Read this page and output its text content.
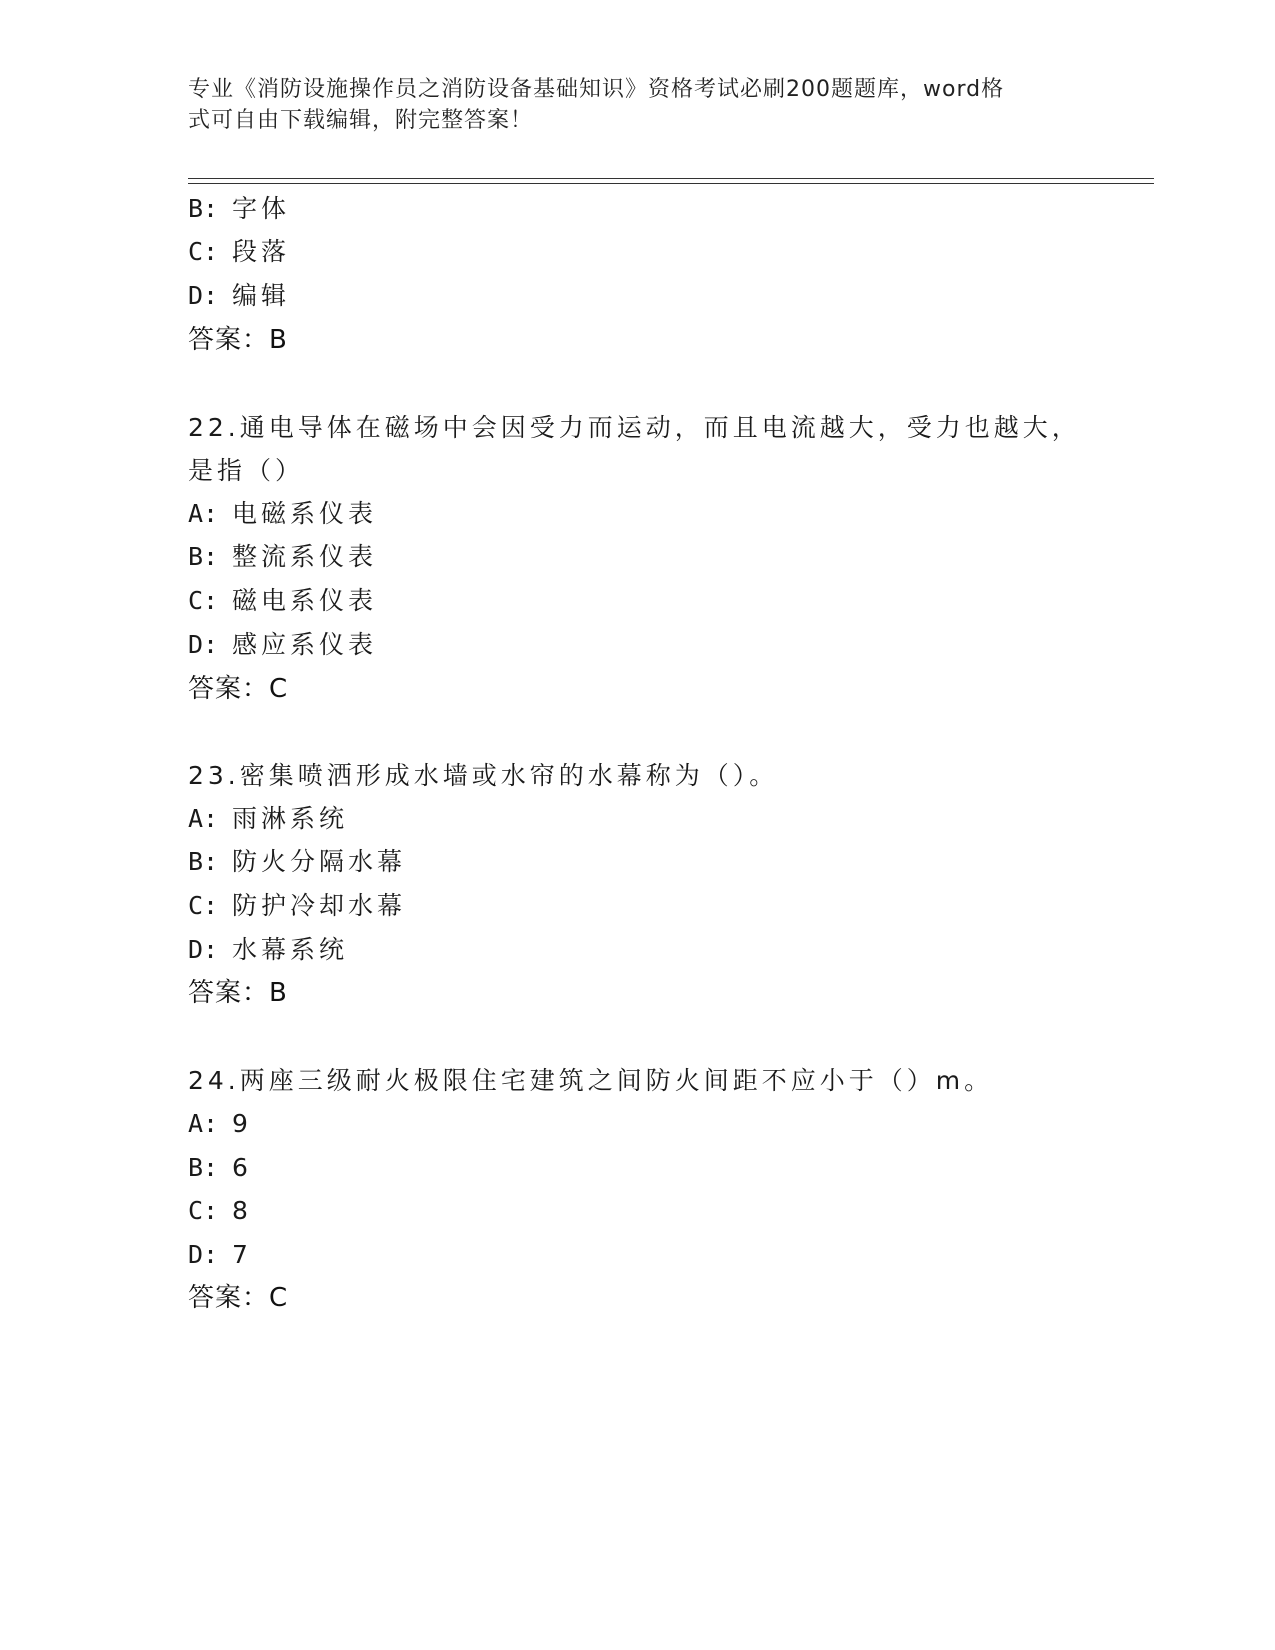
专业《消防设施操作员之消防设备基础知识》资格考试必刷200题题库，word格
式可自由下载编辑，附完整答案！
B: 字体
C: 段落
D: 编辑
答案：B
22.通电导体在磁场中会因受力而运动，而且电流越大，受力也越大，
是指（）
A: 电磁系仪表
B: 整流系仪表
C: 磁电系仪表
D: 感应系仪表
答案：C
23.密集喷洒形成水墙或水帘的水幕称为（）。
A: 雨淋系统
B: 防火分隔水幕
C: 防护冷却水幕
D: 水幕系统
答案：B
24.两座三级耐火极限住宅建筑之间防火间距不应小于（）m。
A: 9
B: 6
C: 8
D: 7
答案：C
